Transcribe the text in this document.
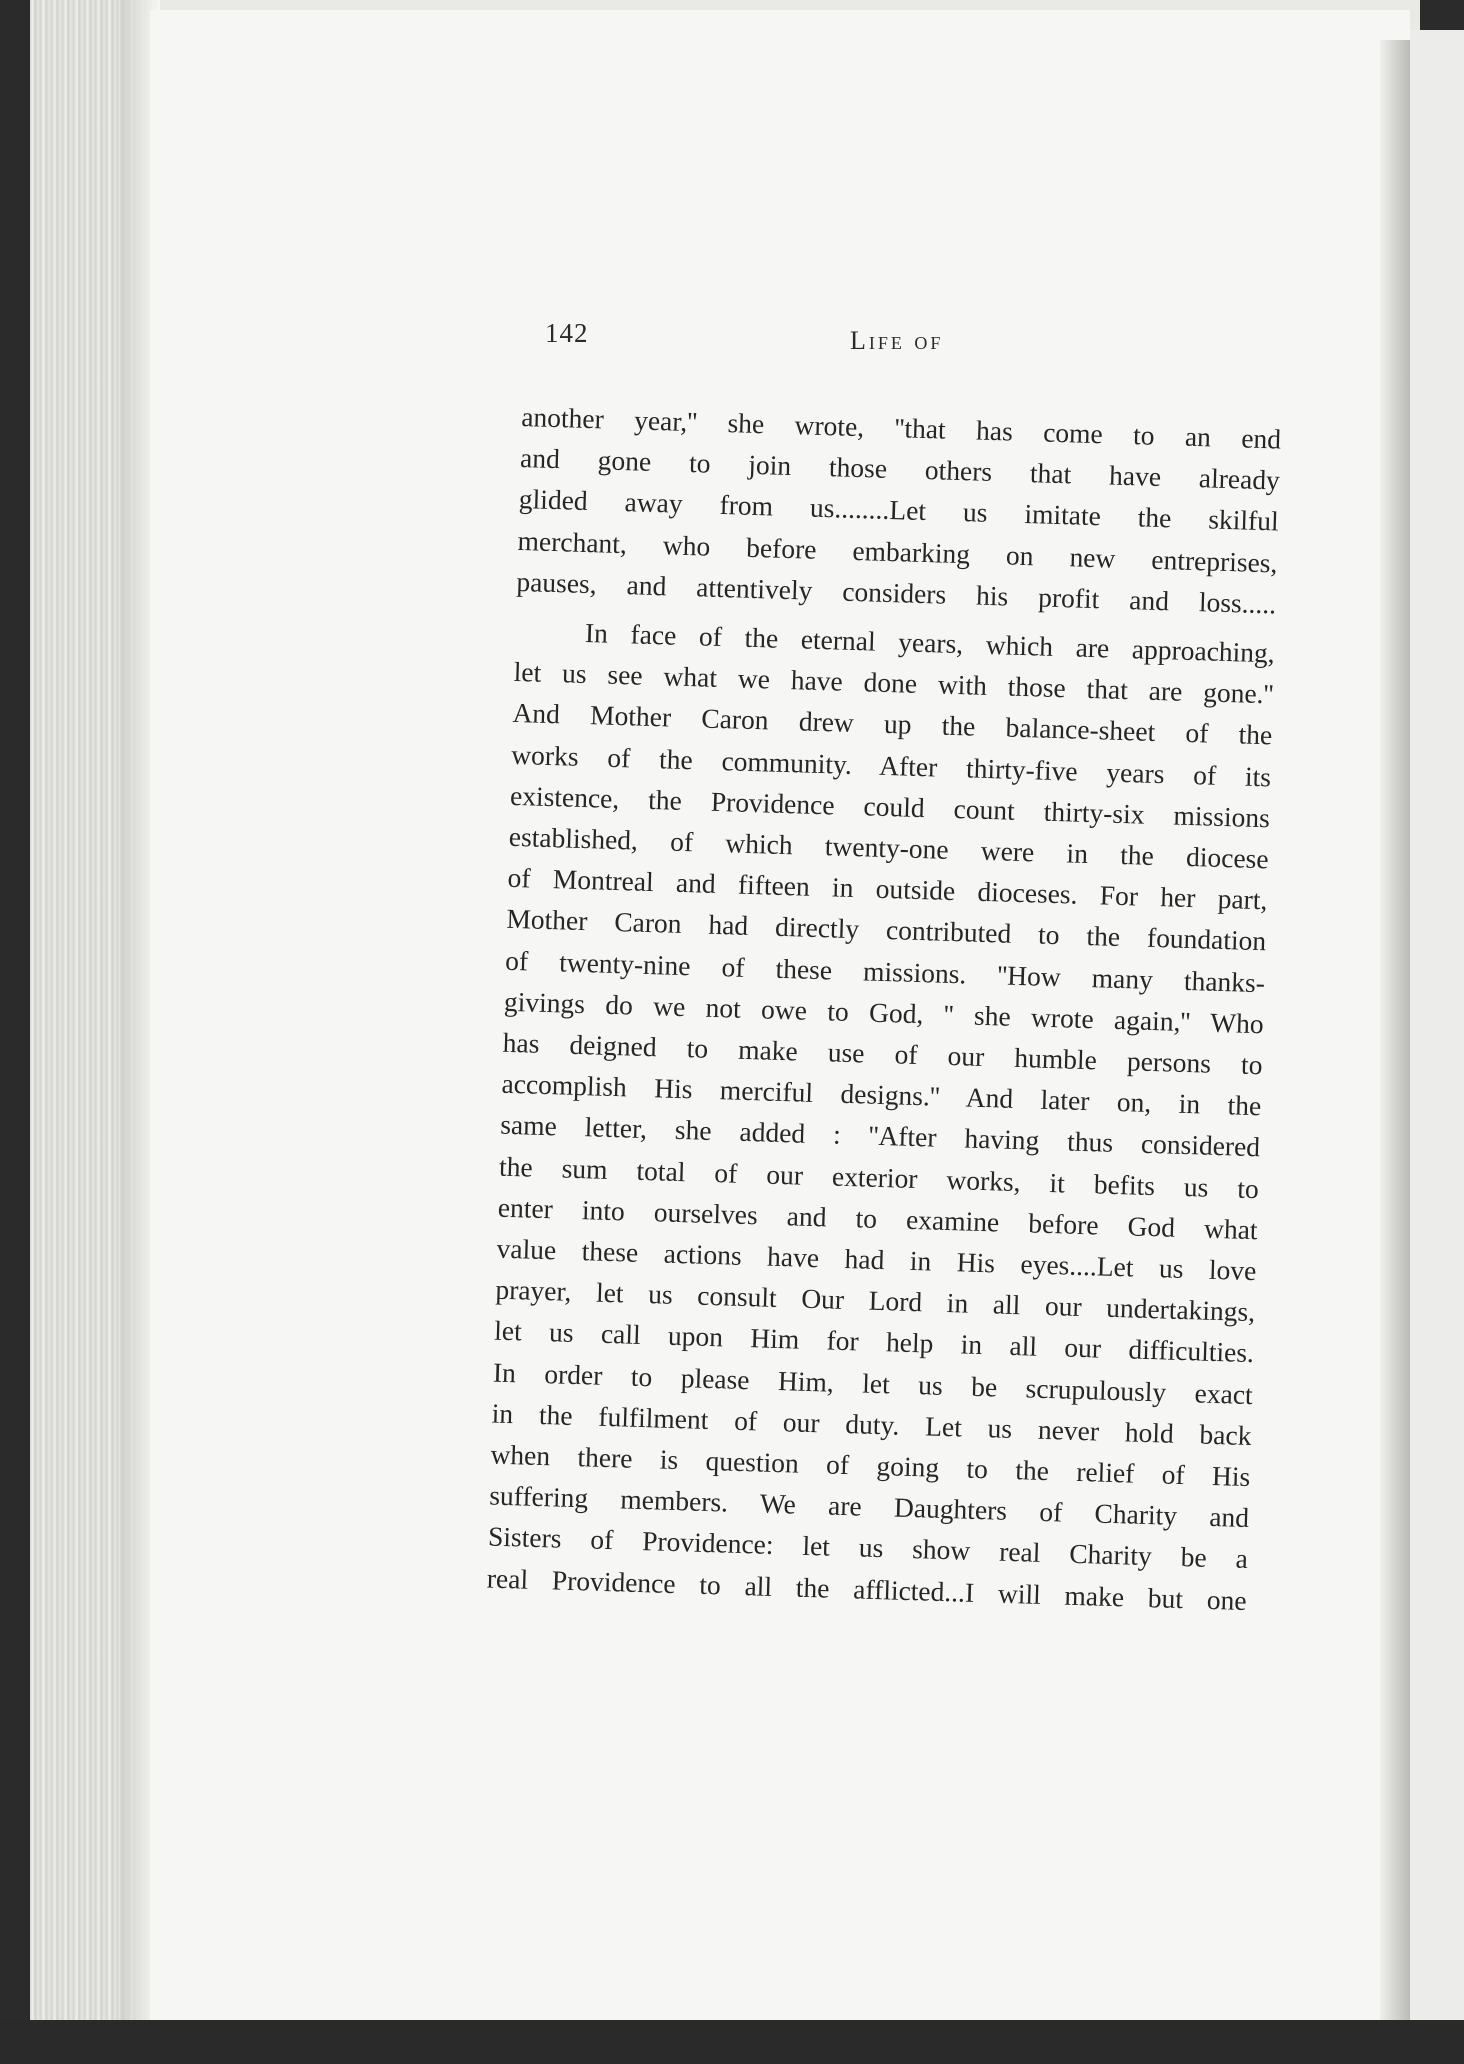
142	Life of
another year,'' she wrote, ''that has come to an end
and gone to join those others that have already
glided away from us........Let us imitate the skilful
merchant, who before embarking on new entreprises,
pauses, and attentively considers his profit and loss.....
In face of the eternal years, which are approaching,
let us see what we have done with those that are gone.''
And Mother Caron drew up the balance-sheet of the
works of the community. After thirty-five years of its
existence, the Providence could count thirty-six missions
established, of which twenty-one were in the diocese
of Montreal and fifteen in outside dioceses. For her part,
Mother Caron had directly contributed to the foundation
of twenty-nine of these missions. ''How many thanks-
givings do we not owe to God, '' she wrote again,'' Who
has deigned to make use of our humble persons to
accomplish His merciful designs.'' And later on, in the
same letter, she added : ''After having thus considered
the sum total of our exterior works, it befits us to
enter into ourselves and to examine before God what
value these actions have had in His eyes....Let us love
prayer, let us consult Our Lord in all our undertakings,
let us call upon Him for help in all our difficulties.
In order to please Him, let us be scrupulously exact
in the fulfilment of our duty. Let us never hold back
when there is question of going to the relief of His
suffering members. We are Daughters of Charity and
Sisters of Providence: let us show real Charity be a
real Providence to all the afflicted...I will make but one
